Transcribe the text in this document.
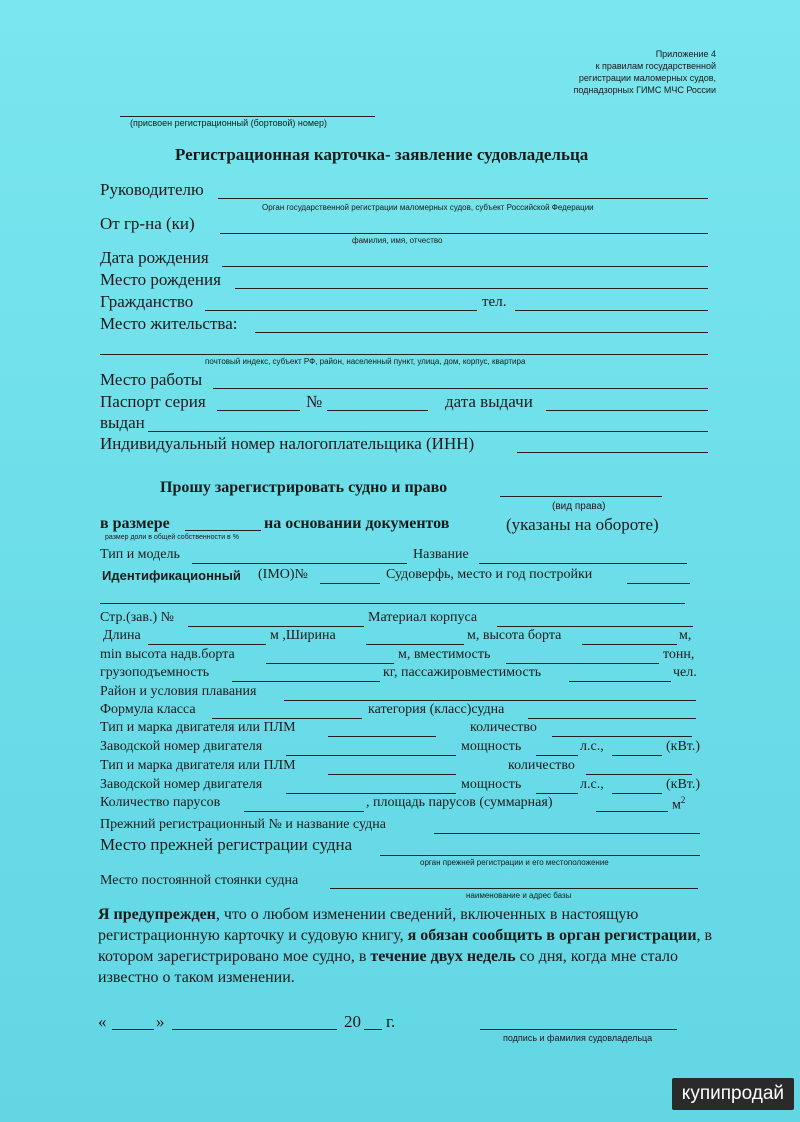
Приложение 4
к правилам государственной
регистрации маломерных судов,
поднадзорных ГИМС МЧС России
(присвоен регистрационный (бортовой) номер)
Регистрационная карточка- заявление судовладельца
Руководителю
Орган государственной регистрации маломерных судов, субъект Российской Федерации
От гр-на (ки)
фамилия, имя, отчество
Дата рождения
Место рождения
Гражданство	тел.
Место жительства:
почтовый индекс, субъект РФ, район, населенный пункт, улица, дом, корпус, квартира
Место работы
Паспорт серия	№	дата выдачи
выдан
Индивидуальный номер налогоплательщика (ИНН)
Прошу зарегистрировать судно и право
(вид права)
в размере	на основании документов	(указаны на обороте)
размер доли в общей собственности в %
Тип и модель	Название
Идентификационный (IMO)№	Судоверфь, место и год постройки
Стр.(зав.) №	Материал корпуса
Длина	м ,Ширина	м, высота борта	м,
min высота надв.борта	м, вместимость	тонн,
грузоподъемность	кг, пассажировместимость	чел.
Район и условия плавания
Формула класса	категория (класс)судна
Тип и марка двигателя или ПЛМ	количество
Заводской номер двигателя	мощность	л.с.,	(кВт.)
Тип и марка двигателя или ПЛМ	количество
Заводской номер двигателя	мощность	л.с.,	(кВт.)
Количество парусов	, площадь парусов (суммарная)	$м^2$
Прежний регистрационный № и название судна
Место прежней регистрации судна
орган прежней регистрации и его местоположение
Место постоянной стоянки судна
наименование и адрес базы
Я предупрежден, что о любом изменении сведений, включенных в настоящую регистрационную карточку и судовую книгу, я обязан сообщить в орган регистрации, в котором зарегистрировано мое судно, в течение двух недель со дня, когда мне стало известно о таком изменении.
«	»	20 г.
подпись и фамилия судовладельца
купипродай
